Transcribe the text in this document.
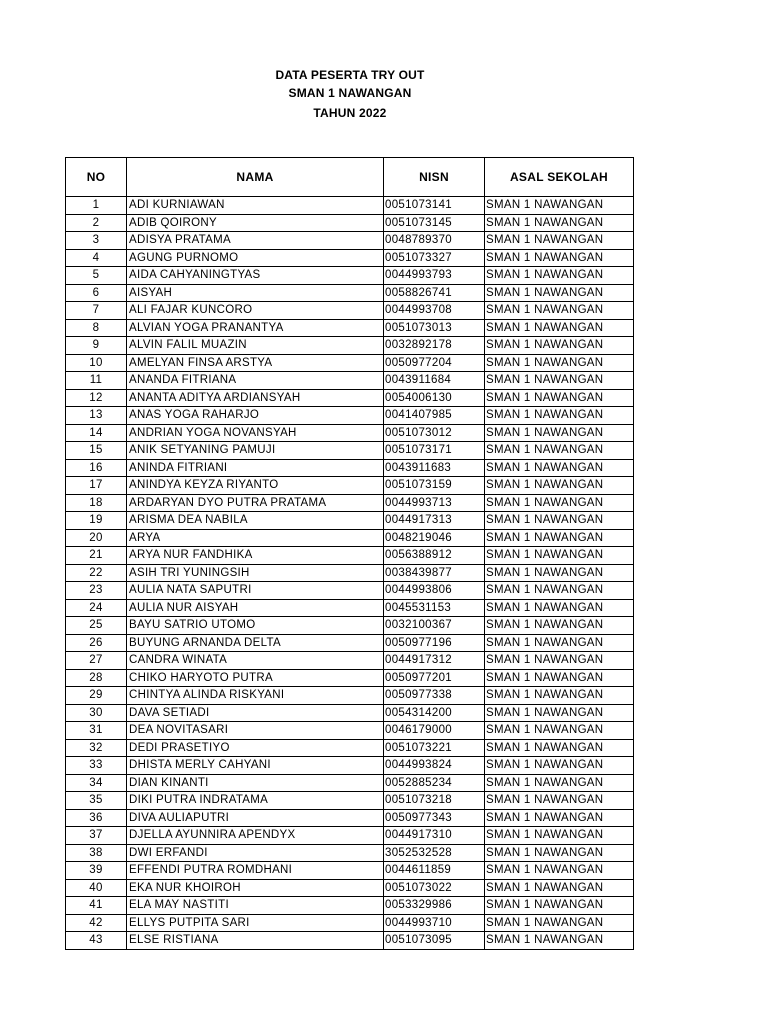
DATA PESERTA TRY OUT
SMAN 1 NAWANGAN
TAHUN 2022
NO	NAMA	NISN	ASAL SEKOLAH
1	ADI KURNIAWAN	0051073141	SMAN 1 NAWANGAN
2	ADIB QOIRONY	0051073145	SMAN 1 NAWANGAN
3	ADISYA PRATAMA	0048789370	SMAN 1 NAWANGAN
4	AGUNG PURNOMO	0051073327	SMAN 1 NAWANGAN
5	AIDA CAHYANINGTYAS	0044993793	SMAN 1 NAWANGAN
6	AISYAH	0058826741	SMAN 1 NAWANGAN
7	ALI FAJAR KUNCORO	0044993708	SMAN 1 NAWANGAN
8	ALVIAN YOGA PRANANTYA	0051073013	SMAN 1 NAWANGAN
9	ALVIN FALIL MUAZIN	0032892178	SMAN 1 NAWANGAN
10	AMELYAN FINSA ARSTYA	0050977204	SMAN 1 NAWANGAN
11	ANANDA FITRIANA	0043911684	SMAN 1 NAWANGAN
12	ANANTA ADITYA ARDIANSYAH	0054006130	SMAN 1 NAWANGAN
13	ANAS YOGA RAHARJO	0041407985	SMAN 1 NAWANGAN
14	ANDRIAN YOGA NOVANSYAH	0051073012	SMAN 1 NAWANGAN
15	ANIK SETYANING PAMUJI	0051073171	SMAN 1 NAWANGAN
16	ANINDA FITRIANI	0043911683	SMAN 1 NAWANGAN
17	ANINDYA KEYZA RIYANTO	0051073159	SMAN 1 NAWANGAN
18	ARDARYAN DYO PUTRA PRATAMA	0044993713	SMAN 1 NAWANGAN
19	ARISMA DEA NABILA	0044917313	SMAN 1 NAWANGAN
20	ARYA	0048219046	SMAN 1 NAWANGAN
21	ARYA NUR FANDHIKA	0056388912	SMAN 1 NAWANGAN
22	ASIH TRI YUNINGSIH	0038439877	SMAN 1 NAWANGAN
23	AULIA NATA SAPUTRI	0044993806	SMAN 1 NAWANGAN
24	AULIA NUR AISYAH	0045531153	SMAN 1 NAWANGAN
25	BAYU SATRIO UTOMO	0032100367	SMAN 1 NAWANGAN
26	BUYUNG ARNANDA DELTA	0050977196	SMAN 1 NAWANGAN
27	CANDRA WINATA	0044917312	SMAN 1 NAWANGAN
28	CHIKO HARYOTO PUTRA	0050977201	SMAN 1 NAWANGAN
29	CHINTYA ALINDA RISKYANI	0050977338	SMAN 1 NAWANGAN
30	DAVA SETIADI	0054314200	SMAN 1 NAWANGAN
31	DEA NOVITASARI	0046179000	SMAN 1 NAWANGAN
32	DEDI PRASETIYO	0051073221	SMAN 1 NAWANGAN
33	DHISTA MERLY CAHYANI	0044993824	SMAN 1 NAWANGAN
34	DIAN KINANTI	0052885234	SMAN 1 NAWANGAN
35	DIKI PUTRA INDRATAMA	0051073218	SMAN 1 NAWANGAN
36	DIVA AULIAPUTRI	0050977343	SMAN 1 NAWANGAN
37	DJELLA AYUNNIRA APENDYX	0044917310	SMAN 1 NAWANGAN
38	DWI ERFANDI	3052532528	SMAN 1 NAWANGAN
39	EFFENDI PUTRA ROMDHANI	0044611859	SMAN 1 NAWANGAN
40	EKA NUR KHOIROH	0051073022	SMAN 1 NAWANGAN
41	ELA MAY NASTITI	0053329986	SMAN 1 NAWANGAN
42	ELLYS PUTPITA SARI	0044993710	SMAN 1 NAWANGAN
43	ELSE RISTIANA	0051073095	SMAN 1 NAWANGAN
